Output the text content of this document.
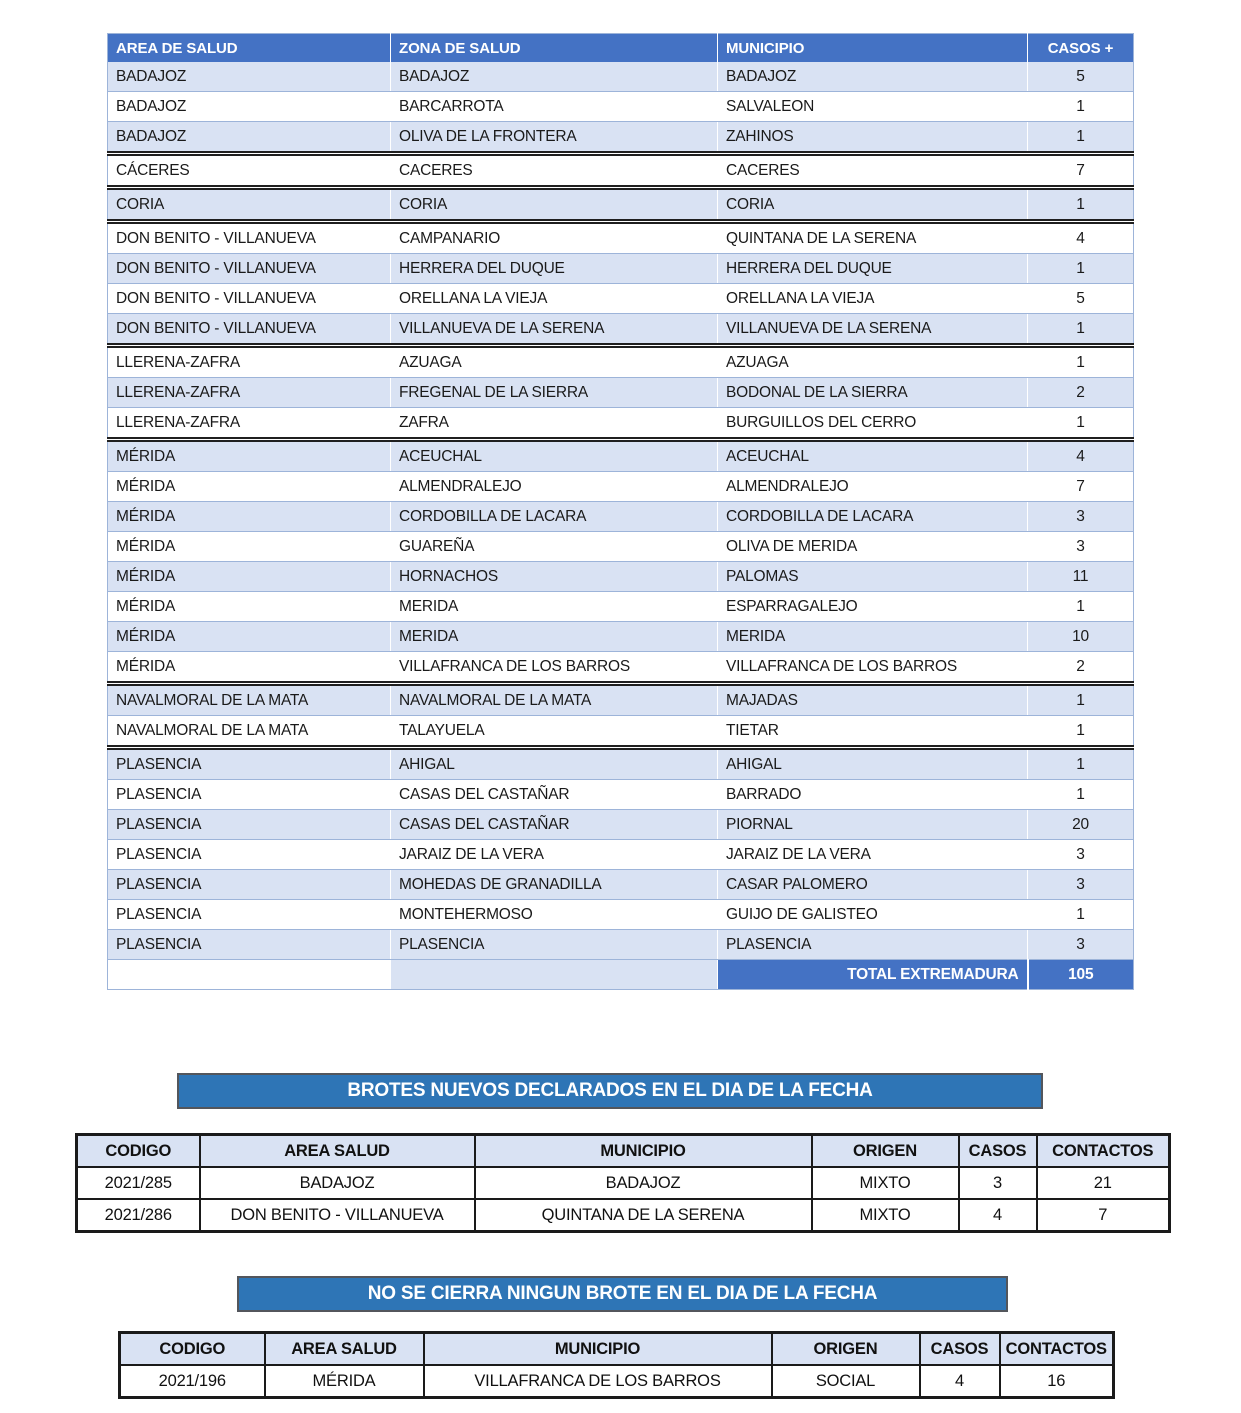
AREA DE SALUD	ZONA DE SALUD	MUNICIPIO	CASOS +
BADAJOZ	BADAJOZ	BADAJOZ	5
BADAJOZ	BARCARROTA	SALVALEON	1
BADAJOZ	OLIVA DE LA FRONTERA	ZAHINOS	1
CÁCERES	CACERES	CACERES	7
CORIA	CORIA	CORIA	1
DON BENITO - VILLANUEVA	CAMPANARIO	QUINTANA DE LA SERENA	4
DON BENITO - VILLANUEVA	HERRERA DEL DUQUE	HERRERA DEL DUQUE	1
DON BENITO - VILLANUEVA	ORELLANA LA VIEJA	ORELLANA LA VIEJA	5
DON BENITO - VILLANUEVA	VILLANUEVA DE LA SERENA	VILLANUEVA DE LA SERENA	1
LLERENA-ZAFRA	AZUAGA	AZUAGA	1
LLERENA-ZAFRA	FREGENAL DE LA SIERRA	BODONAL DE LA SIERRA	2
LLERENA-ZAFRA	ZAFRA	BURGUILLOS DEL CERRO	1
MÉRIDA	ACEUCHAL	ACEUCHAL	4
MÉRIDA	ALMENDRALEJO	ALMENDRALEJO	7
MÉRIDA	CORDOBILLA DE LACARA	CORDOBILLA DE LACARA	3
MÉRIDA	GUAREÑA	OLIVA DE MERIDA	3
MÉRIDA	HORNACHOS	PALOMAS	11
MÉRIDA	MERIDA	ESPARRAGALEJO	1
MÉRIDA	MERIDA	MERIDA	10
MÉRIDA	VILLAFRANCA DE LOS BARROS	VILLAFRANCA DE LOS BARROS	2
NAVALMORAL DE LA MATA	NAVALMORAL DE LA MATA	MAJADAS	1
NAVALMORAL DE LA MATA	TALAYUELA	TIETAR	1
PLASENCIA	AHIGAL	AHIGAL	1
PLASENCIA	CASAS DEL CASTAÑAR	BARRADO	1
PLASENCIA	CASAS DEL CASTAÑAR	PIORNAL	20
PLASENCIA	JARAIZ DE LA VERA	JARAIZ DE LA VERA	3
PLASENCIA	MOHEDAS DE GRANADILLA	CASAR PALOMERO	3
PLASENCIA	MONTEHERMOSO	GUIJO DE GALISTEO	1
PLASENCIA	PLASENCIA	PLASENCIA	3
		TOTAL EXTREMADURA	105
BROTES NUEVOS DECLARADOS EN EL DIA DE LA FECHA
CODIGO	AREA SALUD	MUNICIPIO	ORIGEN	CASOS	CONTACTOS
2021/285	BADAJOZ	BADAJOZ	MIXTO	3	21
2021/286	DON BENITO - VILLANUEVA	QUINTANA DE LA SERENA	MIXTO	4	7
NO SE CIERRA NINGUN BROTE EN EL DIA DE LA FECHA
CODIGO	AREA SALUD	MUNICIPIO	ORIGEN	CASOS	CONTACTOS
2021/196	MÉRIDA	VILLAFRANCA DE LOS BARROS	SOCIAL	4	16
